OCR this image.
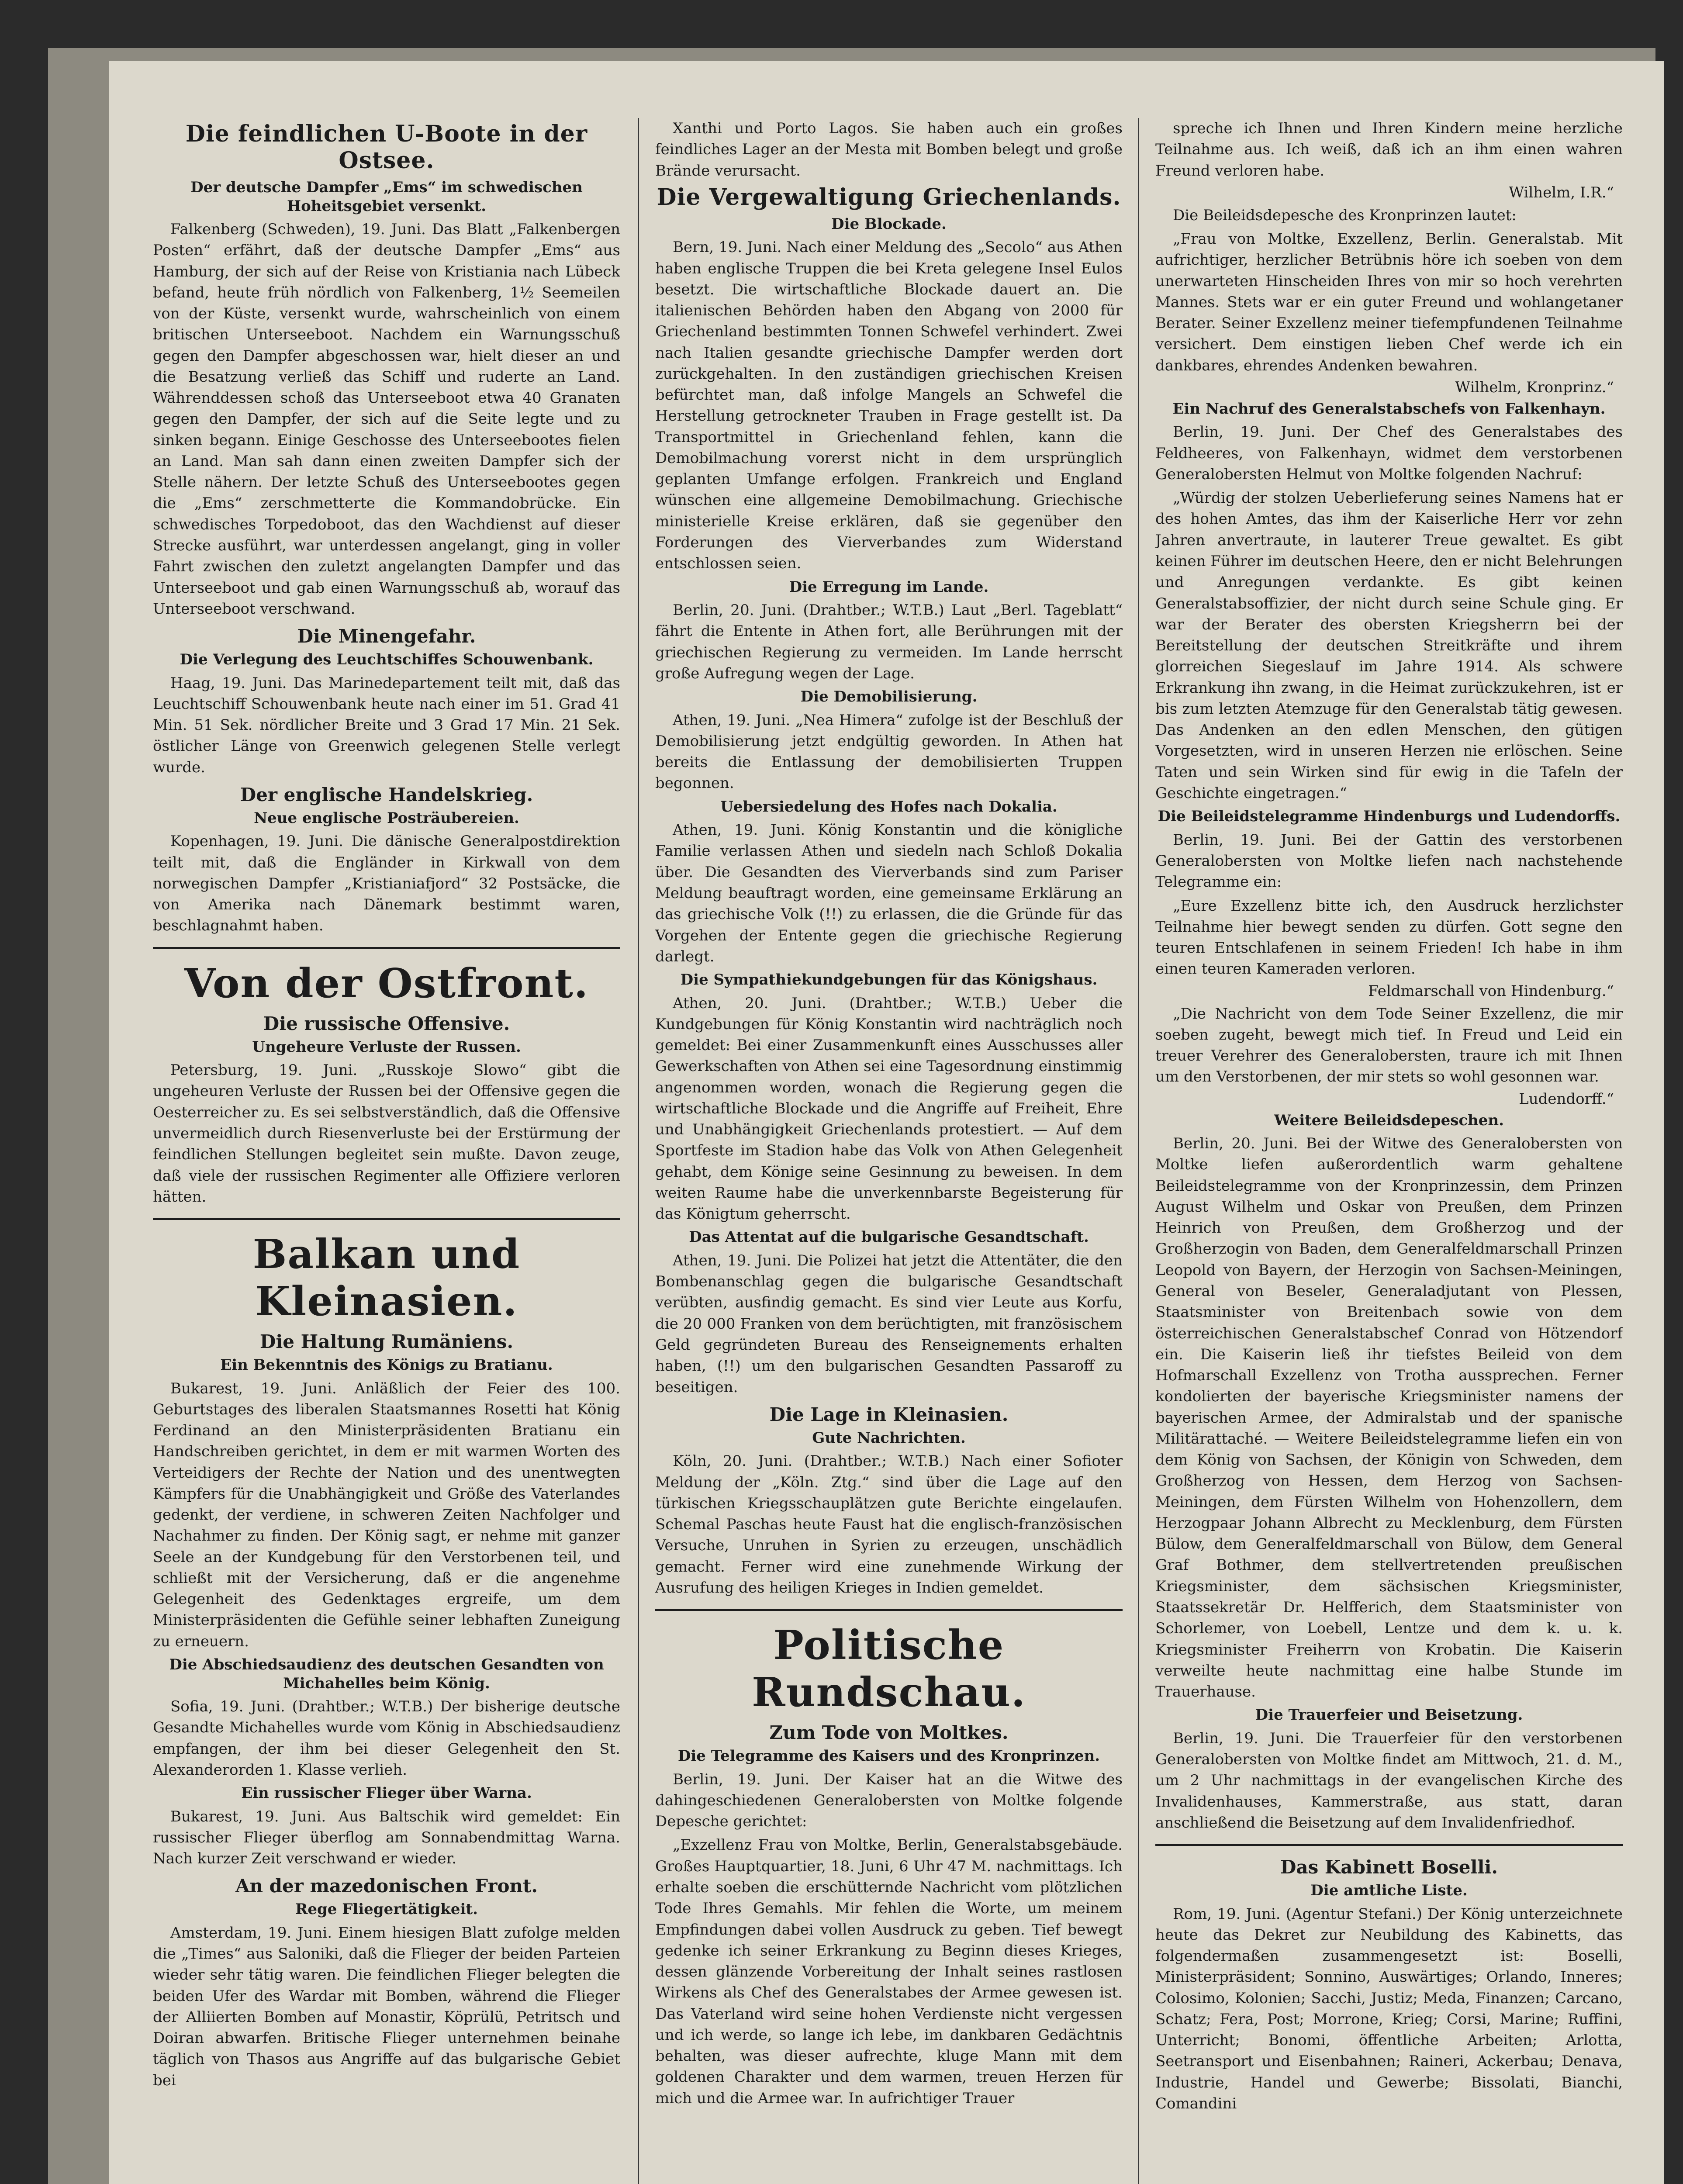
Die feindlichen U-Boote in der Ostsee.
Der deutsche Dampfer „Ems“ im schwedischen Hoheitsgebiet versenkt.

Falkenberg (Schweden), 19. Juni. Das Blatt „Falkenbergen Posten“ erfährt, daß der deutsche Dampfer „Ems“ aus Hamburg, der sich auf der Reise von Kristiania nach Lübeck befand, heute früh nördlich von Falkenberg, 1½ Seemeilen von der Küste, versenkt wurde, wahrscheinlich von einem britischen Unterseeboot. Nachdem ein Warnungsschuß gegen den Dampfer abgeschossen war, hielt dieser an und die Besatzung verließ das Schiff und ruderte an Land. Währenddessen schoß das Unterseeboot etwa 40 Granaten gegen den Dampfer, der sich auf die Seite legte und zu sinken begann. Einige Geschosse des Unterseebootes fielen an Land. Man sah dann einen zweiten Dampfer sich der Stelle nähern. Der letzte Schuß des Unterseebootes gegen die „Ems“ zerschmetterte die Kommandobrücke. Ein schwedisches Torpedoboot, das den Wachdienst auf dieser Strecke ausführt, war unterdessen angelangt, ging in voller Fahrt zwischen den zuletzt angelangten Dampfer und das Unterseeboot und gab einen Warnungsschuß ab, worauf das Unterseeboot verschwand.

Die Minengefahr.
Die Verlegung des Leuchtschiffes Schouwenbank.

Haag, 19. Juni. Das Marinedepartement teilt mit, daß das Leuchtschiff Schouwenbank heute nach einer im 51. Grad 41 Min. 51 Sek. nördlicher Breite und 3 Grad 17 Min. 21 Sek. östlicher Länge von Greenwich gelegenen Stelle verlegt wurde.

Der englische Handelskrieg.
Neue englische Posträubereien.

Kopenhagen, 19. Juni. Die dänische Generalpostdirektion teilt mit, daß die Engländer in Kirkwall von dem norwegischen Dampfer „Kristianiafjord“ 32 Postsäcke, die von Amerika nach Dänemark bestimmt waren, beschlagnahmt haben.

Von der Ostfront.
Die russische Offensive.
Ungeheure Verluste der Russen.

Petersburg, 19. Juni. „Russkoje Slowo“ gibt die ungeheuren Verluste der Russen bei der Offensive gegen die Oesterreicher zu. Es sei selbstverständlich, daß die Offensive unvermeidlich durch Riesenverluste bei der Erstürmung der feindlichen Stellungen begleitet sein mußte. Davon zeuge, daß viele der russischen Regimenter alle Offiziere verloren hätten.

Balkan und Kleinasien.
Die Haltung Rumäniens.
Ein Bekenntnis des Königs zu Bratianu.

Bukarest, 19. Juni. Anläßlich der Feier des 100. Geburtstages des liberalen Staatsmannes Rosetti hat König Ferdinand an den Ministerpräsidenten Bratianu ein Handschreiben gerichtet, in dem er mit warmen Worten des Verteidigers der Rechte der Nation und des unentwegten Kämpfers für die Unabhängigkeit und Größe des Vaterlandes gedenkt, der verdiene, in schweren Zeiten Nachfolger und Nachahmer zu finden. Der König sagt, er nehme mit ganzer Seele an der Kundgebung für den Verstorbenen teil, und schließt mit der Versicherung, daß er die angenehme Gelegenheit des Gedenktages ergreife, um dem Ministerpräsidenten die Gefühle seiner lebhaften Zuneigung zu erneuern.

Die Abschiedsaudienz des deutschen Gesandten von Michahelles beim König.

Sofia, 19. Juni. (Drahtber.; W.T.B.) Der bisherige deutsche Gesandte Michahelles wurde vom König in Abschiedsaudienz empfangen, der ihm bei dieser Gelegenheit den St. Alexanderorden 1. Klasse verlieh.

Ein russischer Flieger über Warna.

Bukarest, 19. Juni. Aus Baltschik wird gemeldet: Ein russischer Flieger überflog am Sonnabendmittag Warna. Nach kurzer Zeit verschwand er wieder.

An der mazedonischen Front.
Rege Fliegertätigkeit.

Amsterdam, 19. Juni. Einem hiesigen Blatt zufolge melden die „Times“ aus Saloniki, daß die Flieger der beiden Parteien wieder sehr tätig waren. Die feindlichen Flieger belegten die beiden Ufer des Wardar mit Bomben, während die Flieger der Alliierten Bomben auf Monastir, Köprülü, Petritsch und Doiran abwarfen. Britische Flieger unternehmen beinahe täglich von Thasos aus Angriffe auf das bulgarische Gebiet bei

Xanthi und Porto Lagos. Sie haben auch ein großes feindliches Lager an der Mesta mit Bomben belegt und große Brände verursacht.

Die Vergewaltigung Griechenlands.
Die Blockade.

Bern, 19. Juni. Nach einer Meldung des „Secolo“ aus Athen haben englische Truppen die bei Kreta gelegene Insel Eulos besetzt. Die wirtschaftliche Blockade dauert an. Die italienischen Behörden haben den Abgang von 2000 für Griechenland bestimmten Tonnen Schwefel verhindert. Zwei nach Italien gesandte griechische Dampfer werden dort zurückgehalten. In den zuständigen griechischen Kreisen befürchtet man, daß infolge Mangels an Schwefel die Herstellung getrockneter Trauben in Frage gestellt ist. Da Transportmittel in Griechenland fehlen, kann die Demobilmachung vorerst nicht in dem ursprünglich geplanten Umfange erfolgen. Frankreich und England wünschen eine allgemeine Demobilmachung. Griechische ministerielle Kreise erklären, daß sie gegenüber den Forderungen des Vierverbandes zum Widerstand entschlossen seien.

Die Erregung im Lande.

Berlin, 20. Juni. (Drahtber.; W.T.B.) Laut „Berl. Tageblatt“ fährt die Entente in Athen fort, alle Berührungen mit der griechischen Regierung zu vermeiden. Im Lande herrscht große Aufregung wegen der Lage.

Die Demobilisierung.

Athen, 19. Juni. „Nea Himera“ zufolge ist der Beschluß der Demobilisierung jetzt endgültig geworden. In Athen hat bereits die Entlassung der demobilisierten Truppen begonnen.

Uebersiedelung des Hofes nach Dokalia.

Athen, 19. Juni. König Konstantin und die königliche Familie verlassen Athen und siedeln nach Schloß Dokalia über. Die Gesandten des Vierverbands sind zum Pariser Meldung beauftragt worden, eine gemeinsame Erklärung an das griechische Volk (!!) zu erlassen, die die Gründe für das Vorgehen der Entente gegen die griechische Regierung darlegt.

Die Sympathiekundgebungen für das Königshaus.

Athen, 20. Juni. (Drahtber.; W.T.B.) Ueber die Kundgebungen für König Konstantin wird nachträglich noch gemeldet: Bei einer Zusammenkunft eines Ausschusses aller Gewerkschaften von Athen sei eine Tagesordnung einstimmig angenommen worden, wonach die Regierung gegen die wirtschaftliche Blockade und die Angriffe auf Freiheit, Ehre und Unabhängigkeit Griechenlands protestiert. — Auf dem Sportfeste im Stadion habe das Volk von Athen Gelegenheit gehabt, dem Könige seine Gesinnung zu beweisen. In dem weiten Raume habe die unverkennbarste Begeisterung für das Königtum geherrscht.

Das Attentat auf die bulgarische Gesandtschaft.

Athen, 19. Juni. Die Polizei hat jetzt die Attentäter, die den Bombenanschlag gegen die bulgarische Gesandtschaft verübten, ausfindig gemacht. Es sind vier Leute aus Korfu, die 20 000 Franken von dem berüchtigten, mit französischem Geld gegründeten Bureau des Renseignements erhalten haben, (!!) um den bulgarischen Gesandten Passaroff zu beseitigen.

Die Lage in Kleinasien.
Gute Nachrichten.

Köln, 20. Juni. (Drahtber.; W.T.B.) Nach einer Sofioter Meldung der „Köln. Ztg.“ sind über die Lage auf den türkischen Kriegsschauplätzen gute Berichte eingelaufen. Schemal Paschas heute Faust hat die englisch-französischen Versuche, Unruhen in Syrien zu erzeugen, unschädlich gemacht. Ferner wird eine zunehmende Wirkung der Ausrufung des heiligen Krieges in Indien gemeldet.

Politische Rundschau.
Zum Tode von Moltkes.
Die Telegramme des Kaisers und des Kronprinzen.

Berlin, 19. Juni. Der Kaiser hat an die Witwe des dahingeschiedenen Generalobersten von Moltke folgende Depesche gerichtet:

„Exzellenz Frau von Moltke, Berlin, Generalstabsgebäude. Großes Hauptquartier, 18. Juni, 6 Uhr 47 M. nachmittags. Ich erhalte soeben die erschütternde Nachricht vom plötzlichen Tode Ihres Gemahls. Mir fehlen die Worte, um meinem Empfindungen dabei vollen Ausdruck zu geben. Tief bewegt gedenke ich seiner Erkrankung zu Beginn dieses Krieges, dessen glänzende Vorbereitung der Inhalt seines rastlosen Wirkens als Chef des Generalstabes der Armee gewesen ist. Das Vaterland wird seine hohen Verdienste nicht vergessen und ich werde, so lange ich lebe, im dankbaren Gedächtnis behalten, was dieser aufrechte, kluge Mann mit dem goldenen Charakter und dem warmen, treuen Herzen für mich und die Armee war. In aufrichtiger Trauer

spreche ich Ihnen und Ihren Kindern meine herzliche Teilnahme aus. Ich weiß, daß ich an ihm einen wahren Freund verloren habe.

Wilhelm, I.R.“

Die Beileidsdepesche des Kronprinzen lautet:

„Frau von Moltke, Exzellenz, Berlin. Generalstab. Mit aufrichtiger, herzlicher Betrübnis höre ich soeben von dem unerwarteten Hinscheiden Ihres von mir so hoch verehrten Mannes. Stets war er ein guter Freund und wohlangetaner Berater. Seiner Exzellenz meiner tiefempfundenen Teilnahme versichert. Dem einstigen lieben Chef werde ich ein dankbares, ehrendes Andenken bewahren.

Wilhelm, Kronprinz.“
Ein Nachruf des Generalstabschefs von Falkenhayn.

Berlin, 19. Juni. Der Chef des Generalstabes des Feldheeres, von Falkenhayn, widmet dem verstorbenen Generalobersten Helmut von Moltke folgenden Nachruf:

„Würdig der stolzen Ueberlieferung seines Namens hat er des hohen Amtes, das ihm der Kaiserliche Herr vor zehn Jahren anvertraute, in lauterer Treue gewaltet. Es gibt keinen Führer im deutschen Heere, den er nicht Belehrungen und Anregungen verdankte. Es gibt keinen Generalstabsoffizier, der nicht durch seine Schule ging. Er war der Berater des obersten Kriegsherrn bei der Bereitstellung der deutschen Streitkräfte und ihrem glorreichen Siegeslauf im Jahre 1914. Als schwere Erkrankung ihn zwang, in die Heimat zurückzukehren, ist er bis zum letzten Atemzuge für den Generalstab tätig gewesen. Das Andenken an den edlen Menschen, den gütigen Vorgesetzten, wird in unseren Herzen nie erlöschen. Seine Taten und sein Wirken sind für ewig in die Tafeln der Geschichte eingetragen.“

Die Beileidstelegramme Hindenburgs und Ludendorffs.

Berlin, 19. Juni. Bei der Gattin des verstorbenen Generalobersten von Moltke liefen nach nachstehende Telegramme ein:

„Eure Exzellenz bitte ich, den Ausdruck herzlichster Teilnahme hier bewegt senden zu dürfen. Gott segne den teuren Entschlafenen in seinem Frieden! Ich habe in ihm einen teuren Kameraden verloren.

Feldmarschall von Hindenburg.“

„Die Nachricht von dem Tode Seiner Exzellenz, die mir soeben zugeht, bewegt mich tief. In Freud und Leid ein treuer Verehrer des Generalobersten, traure ich mit Ihnen um den Verstorbenen, der mir stets so wohl gesonnen war.

Ludendorff.“
Weitere Beileidsdepeschen.

Berlin, 20. Juni. Bei der Witwe des Generalobersten von Moltke liefen außerordentlich warm gehaltene Beileidstelegramme von der Kronprinzessin, dem Prinzen August Wilhelm und Oskar von Preußen, dem Prinzen Heinrich von Preußen, dem Großherzog und der Großherzogin von Baden, dem Generalfeldmarschall Prinzen Leopold von Bayern, der Herzogin von Sachsen-Meiningen, General von Beseler, Generaladjutant von Plessen, Staatsminister von Breitenbach sowie von dem österreichischen Generalstabschef Conrad von Hötzendorf ein. Die Kaiserin ließ ihr tiefstes Beileid von dem Hofmarschall Exzellenz von Trotha aussprechen. Ferner kondolierten der bayerische Kriegsminister namens der bayerischen Armee, der Admiralstab und der spanische Militärattaché. — Weitere Beileidstelegramme liefen ein von dem König von Sachsen, der Königin von Schweden, dem Großherzog von Hessen, dem Herzog von Sachsen-Meiningen, dem Fürsten Wilhelm von Hohenzollern, dem Herzogpaar Johann Albrecht zu Mecklenburg, dem Fürsten Bülow, dem Generalfeldmarschall von Bülow, dem General Graf Bothmer, dem stellvertretenden preußischen Kriegsminister, dem sächsischen Kriegsminister, Staatssekretär Dr. Helfferich, dem Staatsminister von Schorlemer, von Loebell, Lentze und dem k. u. k. Kriegsminister Freiherrn von Krobatin. Die Kaiserin verweilte heute nachmittag eine halbe Stunde im Trauerhause.

Die Trauerfeier und Beisetzung.

Berlin, 19. Juni. Die Trauerfeier für den verstorbenen Generalobersten von Moltke findet am Mittwoch, 21. d. M., um 2 Uhr nachmittags in der evangelischen Kirche des Invalidenhauses, Kammerstraße, aus statt, daran anschließend die Beisetzung auf dem Invalidenfriedhof.

Das Kabinett Boselli.
Die amtliche Liste.

Rom, 19. Juni. (Agentur Stefani.) Der König unterzeichnete heute das Dekret zur Neubildung des Kabinetts, das folgendermaßen zusammengesetzt ist: Boselli, Ministerpräsident; Sonnino, Auswärtiges; Orlando, Inneres; Colosimo, Kolonien; Sacchi, Justiz; Meda, Finanzen; Carcano, Schatz; Fera, Post; Morrone, Krieg; Corsi, Marine; Ruffini, Unterricht; Bonomi, öffentliche Arbeiten; Arlotta, Seetransport und Eisenbahnen; Raineri, Ackerbau; Denava, Industrie, Handel und Gewerbe; Bissolati, Bianchi, Comandini
